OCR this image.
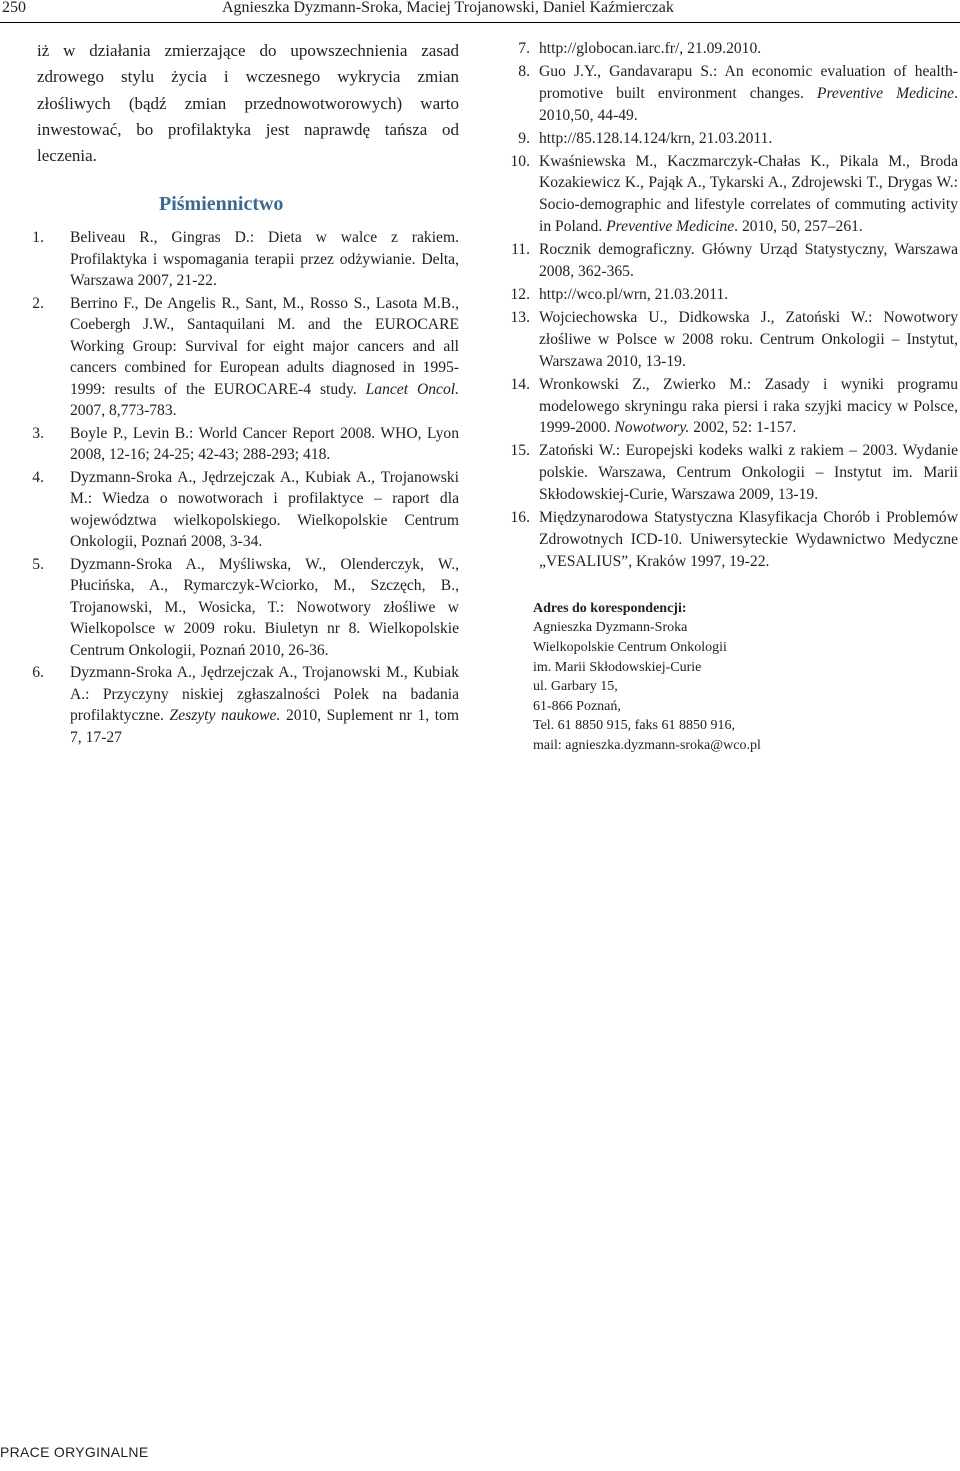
250	Agnieszka Dyzmann-Sroka, Maciej Trojanowski, Daniel Kaźmierczak

iż w działania zmierzające do upowszechnienia zasad zdrowego stylu życia i wczesnego wykrycia zmian złośliwych (bądź zmian przednowotworowych) warto inwestować, bo profilaktyka jest naprawdę tańsza od leczenia.

Piśmiennictwo
1. Beliveau R., Gingras D.: Dieta w walce z rakiem. Profilaktyka i wspomagania terapii przez odżywianie. Delta, Warszawa 2007, 21-22.
2. Berrino F., De Angelis R., Sant, M., Rosso S., Lasota M.B., Coebergh J.W., Santaquilani M. and the EUROCARE Working Group: Survival for eight major cancers and all cancers combined for European adults diagnosed in 1995-1999: results of the EUROCARE-4 study. Lancet Oncol. 2007, 8,773-783.
3. Boyle P., Levin B.: World Cancer Report 2008. WHO, Lyon 2008, 12-16; 24-25; 42-43; 288-293; 418.
4. Dyzmann-Sroka A., Jędrzejczak A., Kubiak A., Trojanowski M.: Wiedza o nowotworach i profilaktyce – raport dla województwa wielkopolskiego. Wielkopolskie Centrum Onkologii, Poznań 2008, 3-34.
5. Dyzmann-Sroka A., Myśliwska, W., Olenderczyk, W., Płucińska, A., Rymarczyk-Wciorko, M., Szczęch, B., Trojanowski, M., Wosicka, T.: Nowotwory złośliwe w Wielkopolsce w 2009 roku. Biuletyn nr 8. Wielkopolskie Centrum Onkologii, Poznań 2010, 26-36.
6. Dyzmann-Sroka A., Jędrzejczak A., Trojanowski M., Kubiak A.: Przyczyny niskiej zgłaszalności Polek na badania profilaktyczne. Zeszyty naukowe. 2010, Suplement nr 1, tom 7, 17-27
7. http://globocan.iarc.fr/, 21.09.2010.
8. Guo J.Y., Gandavarapu S.: An economic evaluation of health-promotive built environment changes. Preventive Medicine. 2010,50, 44-49.
9. http://85.128.14.124/krn, 21.03.2011.
10. Kwaśniewska M., Kaczmarczyk-Chałas K., Pikala M., Broda Kozakiewicz K., Pająk A., Tykarski A., Zdrojewski T., Drygas W.: Socio-demographic and lifestyle correlates of commuting activity in Poland. Preventive Medicine. 2010, 50, 257–261.
11. Rocznik demograficzny. Główny Urząd Statystyczny, Warszawa 2008, 362-365.
12. http://wco.pl/wrn, 21.03.2011.
13. Wojciechowska U., Didkowska J., Zatoński W.: Nowotwory złośliwe w Polsce w 2008 roku. Centrum Onkologii – Instytut, Warszawa 2010, 13-19.
14. Wronkowski Z., Zwierko M.: Zasady i wyniki programu modelowego skryningu raka piersi i raka szyjki macicy w Polsce, 1999-2000. Nowotwory. 2002, 52: 1-157.
15. Zatoński W.: Europejski kodeks walki z rakiem – 2003. Wydanie polskie. Warszawa, Centrum Onkologii – Instytut im. Marii Skłodowskiej-Curie, Warszawa 2009, 13-19.
16. Międzynarodowa Statystyczna Klasyfikacja Chorób i Problemów Zdrowotnych ICD-10. Uniwersyteckie Wydawnictwo Medyczne „VESALIUS”, Kraków 1997, 19-22.
Adres do korespondencji:
Agnieszka Dyzmann-Sroka
Wielkopolskie Centrum Onkologii
im. Marii Skłodowskiej-Curie
ul. Garbary 15,
61-866 Poznań,
Tel. 61 8850 915, faks 61 8850 916,
mail: agnieszka.dyzmann-sroka@wco.pl
PRACE ORYGINALNE
